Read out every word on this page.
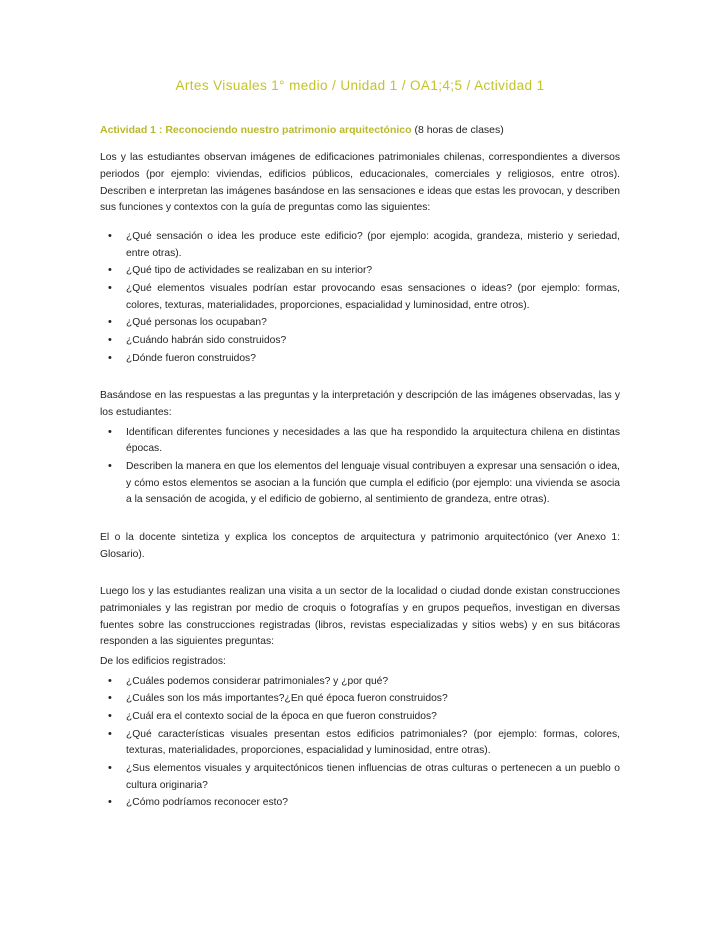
Artes Visuales 1° medio / Unidad 1 / OA1;4;5 / Actividad 1
Actividad 1 : Reconociendo nuestro patrimonio arquitectónico (8 horas de clases)

Los y las estudiantes observan imágenes de edificaciones patrimoniales chilenas, correspondientes a diversos periodos (por ejemplo: viviendas, edificios públicos, educacionales, comerciales y religiosos, entre otros). Describen e interpretan las imágenes basándose en las sensaciones e ideas que estas les provocan, y describen sus funciones y contextos con la guía de preguntas como las siguientes:

• ¿Qué sensación o idea les produce este edificio? (por ejemplo: acogida, grandeza, misterio y seriedad, entre otras).
• ¿Qué tipo de actividades se realizaban en su interior?
• ¿Qué elementos visuales podrían estar provocando esas sensaciones o ideas? (por ejemplo: formas, colores, texturas, materialidades, proporciones, espacialidad y luminosidad, entre otros).
• ¿Qué personas los ocupaban?
• ¿Cuándo habrán sido construidos?
• ¿Dónde fueron construidos?

Basándose en las respuestas a las preguntas y la interpretación y descripción de las imágenes observadas, las y los estudiantes:

• Identifican diferentes funciones y necesidades a las que ha respondido la arquitectura chilena en distintas épocas.
• Describen la manera en que los elementos del lenguaje visual contribuyen a expresar una sensación o idea, y cómo estos elementos se asocian a la función que cumpla el edificio (por ejemplo: una vivienda se asocia a la sensación de acogida, y el edificio de gobierno, al sentimiento de grandeza, entre otras).

El o la docente sintetiza y explica los conceptos de arquitectura y patrimonio arquitectónico (ver Anexo 1: Glosario).

Luego los y las estudiantes realizan una visita a un sector de la localidad o ciudad donde existan construcciones patrimoniales y las registran por medio de croquis o fotografías y en grupos pequeños, investigan en diversas fuentes sobre las construcciones registradas (libros, revistas especializadas y sitios webs) y en sus bitácoras responden a las siguientes preguntas:

De los edificios registrados:

• ¿Cuáles podemos considerar patrimoniales? y ¿por qué?
• ¿Cuáles son los más importantes?¿En qué época fueron construidos?
• ¿Cuál era el contexto social de la época en que fueron construidos?
• ¿Qué características visuales presentan estos edificios patrimoniales? (por ejemplo: formas, colores, texturas, materialidades, proporciones, espacialidad y luminosidad, entre otras).
• ¿Sus elementos visuales y arquitectónicos tienen influencias de otras culturas o pertenecen a un pueblo o cultura originaria?
• ¿Cómo podríamos reconocer esto?
